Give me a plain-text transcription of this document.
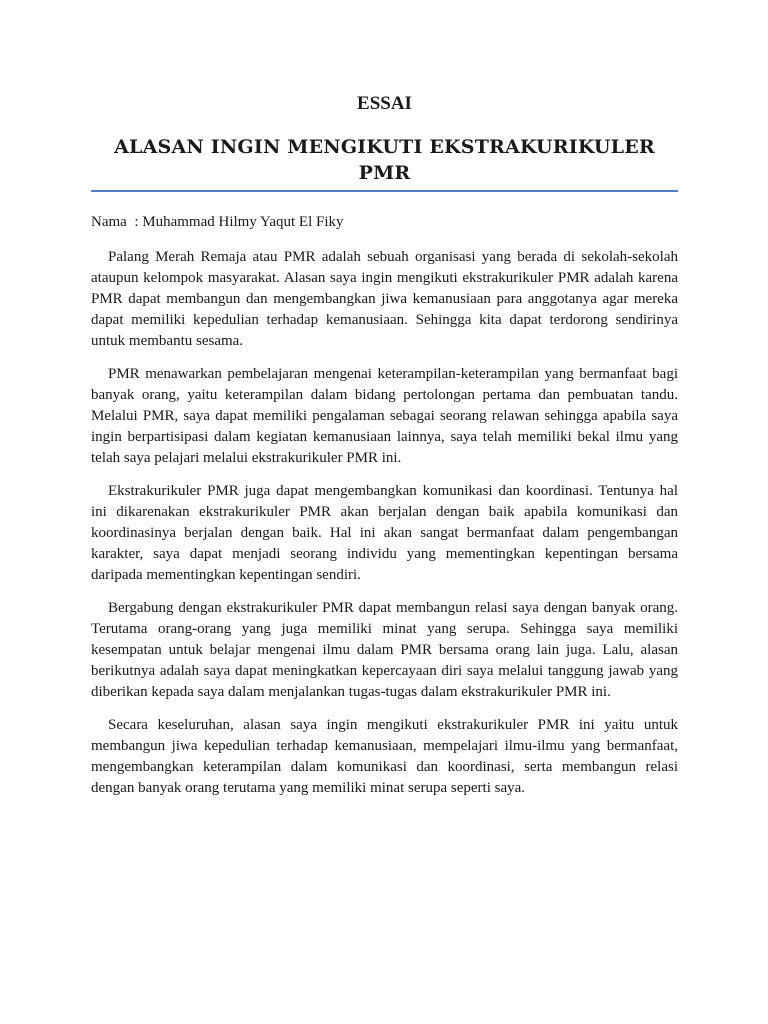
ESSAI
ALASAN INGIN MENGIKUTI EKSTRAKURIKULER PMR

Nama : Muhammad Hilmy Yaqut El Fiky

Palang Merah Remaja atau PMR adalah sebuah organisasi yang berada di sekolah-sekolah ataupun kelompok masyarakat. Alasan saya ingin mengikuti ekstrakurikuler PMR adalah karena PMR dapat membangun dan mengembangkan jiwa kemanusiaan para anggotanya agar mereka dapat memiliki kepedulian terhadap kemanusiaan. Sehingga kita dapat terdorong sendirinya untuk membantu sesama.

PMR menawarkan pembelajaran mengenai keterampilan-keterampilan yang bermanfaat bagi banyak orang, yaitu keterampilan dalam bidang pertolongan pertama dan pembuatan tandu. Melalui PMR, saya dapat memiliki pengalaman sebagai seorang relawan sehingga apabila saya ingin berpartisipasi dalam kegiatan kemanusiaan lainnya, saya telah memiliki bekal ilmu yang telah saya pelajari melalui ekstrakurikuler PMR ini.

Ekstrakurikuler PMR juga dapat mengembangkan komunikasi dan koordinasi. Tentunya hal ini dikarenakan ekstrakurikuler PMR akan berjalan dengan baik apabila komunikasi dan koordinasinya berjalan dengan baik. Hal ini akan sangat bermanfaat dalam pengembangan karakter, saya dapat menjadi seorang individu yang mementingkan kepentingan bersama daripada mementingkan kepentingan sendiri.

Bergabung dengan ekstrakurikuler PMR dapat membangun relasi saya dengan banyak orang. Terutama orang-orang yang juga memiliki minat yang serupa. Sehingga saya memiliki kesempatan untuk belajar mengenai ilmu dalam PMR bersama orang lain juga. Lalu, alasan berikutnya adalah saya dapat meningkatkan kepercayaan diri saya melalui tanggung jawab yang diberikan kepada saya dalam menjalankan tugas-tugas dalam ekstrakurikuler PMR ini.

Secara keseluruhan, alasan saya ingin mengikuti ekstrakurikuler PMR ini yaitu untuk membangun jiwa kepedulian terhadap kemanusiaan, mempelajari ilmu-ilmu yang bermanfaat, mengembangkan keterampilan dalam komunikasi dan koordinasi, serta membangun relasi dengan banyak orang terutama yang memiliki minat serupa seperti saya.
